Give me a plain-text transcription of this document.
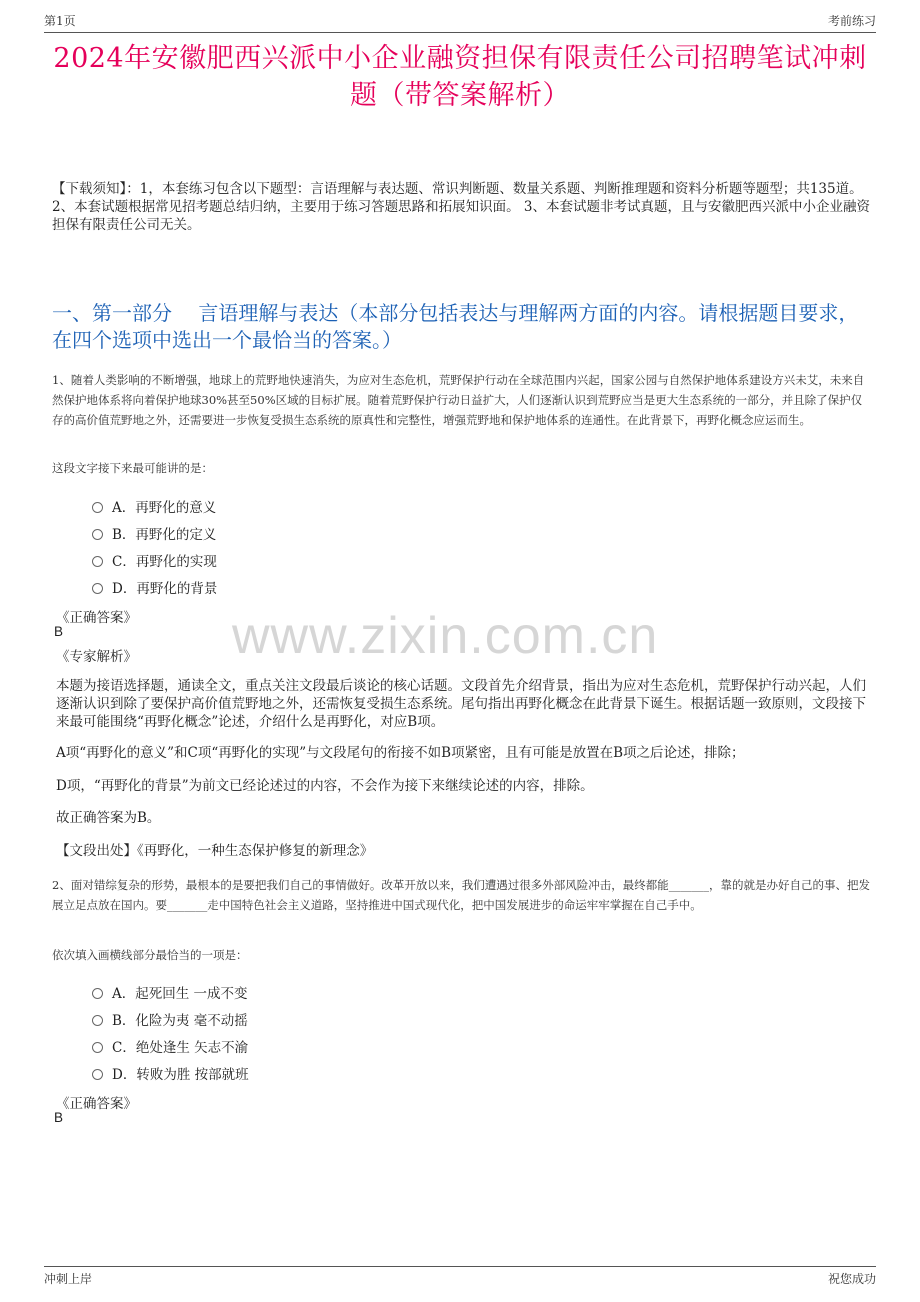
第1页	考前练习
2024年安徽肥西兴派中小企业融资担保有限责任公司招聘笔试冲刺题（带答案解析）
【下载须知】：1，本套练习包含以下题型：言语理解与表达题、常识判断题、数量关系题、判断推理题和资料分析题等题型；共135道。 2、本套试题根据常见招考题总结归纳，主要用于练习答题思路和拓展知识面。 3、本套试题非考试真题，且与安徽肥西兴派中小企业融资担保有限责任公司无关。
一、第一部分　 言语理解与表达（本部分包括表达与理解两方面的内容。请根据题目要求，在四个选项中选出一个最恰当的答案。）
1、随着人类影响的不断增强，地球上的荒野地快速消失，为应对生态危机，荒野保护行动在全球范围内兴起，国家公园与自然保护地体系建设方兴未艾，未来自然保护地体系将向着保护地球30%甚至50%区域的目标扩展。随着荒野保护行动日益扩大，人们逐渐认识到荒野应当是更大生态系统的一部分，并且除了保护仅存的高价值荒野地之外，还需要进一步恢复受损生态系统的原真性和完整性，增强荒野地和保护地体系的连通性。在此背景下，再野化概念应运而生。
这段文字接下来最可能讲的是：
A．再野化的意义
B．再野化的定义
C．再野化的实现
D．再野化的背景
《正确答案》
B
《专家解析》 www.zixin.com.cn
本题为接语选择题，通读全文，重点关注文段最后谈论的核心话题。文段首先介绍背景，指出为应对生态危机，荒野保护行动兴起，人们逐渐认识到除了要保护高价值荒野地之外，还需恢复受损生态系统。尾句指出再野化概念在此背景下诞生。根据话题一致原则，文段接下来最可能围绕“再野化概念”论述，介绍什么是再野化，对应B项。
A项“再野化的意义”和C项“再野化的实现”与文段尾句的衔接不如B项紧密，且有可能是放置在B项之后论述，排除；
D项，“再野化的背景”为前文已经论述过的内容，不会作为接下来继续论述的内容，排除。
故正确答案为B。
【文段出处】《再野化，一种生态保护修复的新理念》
2、面对错综复杂的形势，最根本的是要把我们自己的事情做好。改革开放以来，我们遭遇过很多外部风险冲击，最终都能_______，靠的就是办好自己的事、把发展立足点放在国内。要_______走中国特色社会主义道路，坚持推进中国式现代化，把中国发展进步的命运牢牢掌握在自己手中。
依次填入画横线部分最恰当的一项是：
A．起死回生 一成不变
B．化险为夷 毫不动摇
C．绝处逢生 矢志不渝
D．转败为胜 按部就班
《正确答案》
B
冲刺上岸	祝您成功
